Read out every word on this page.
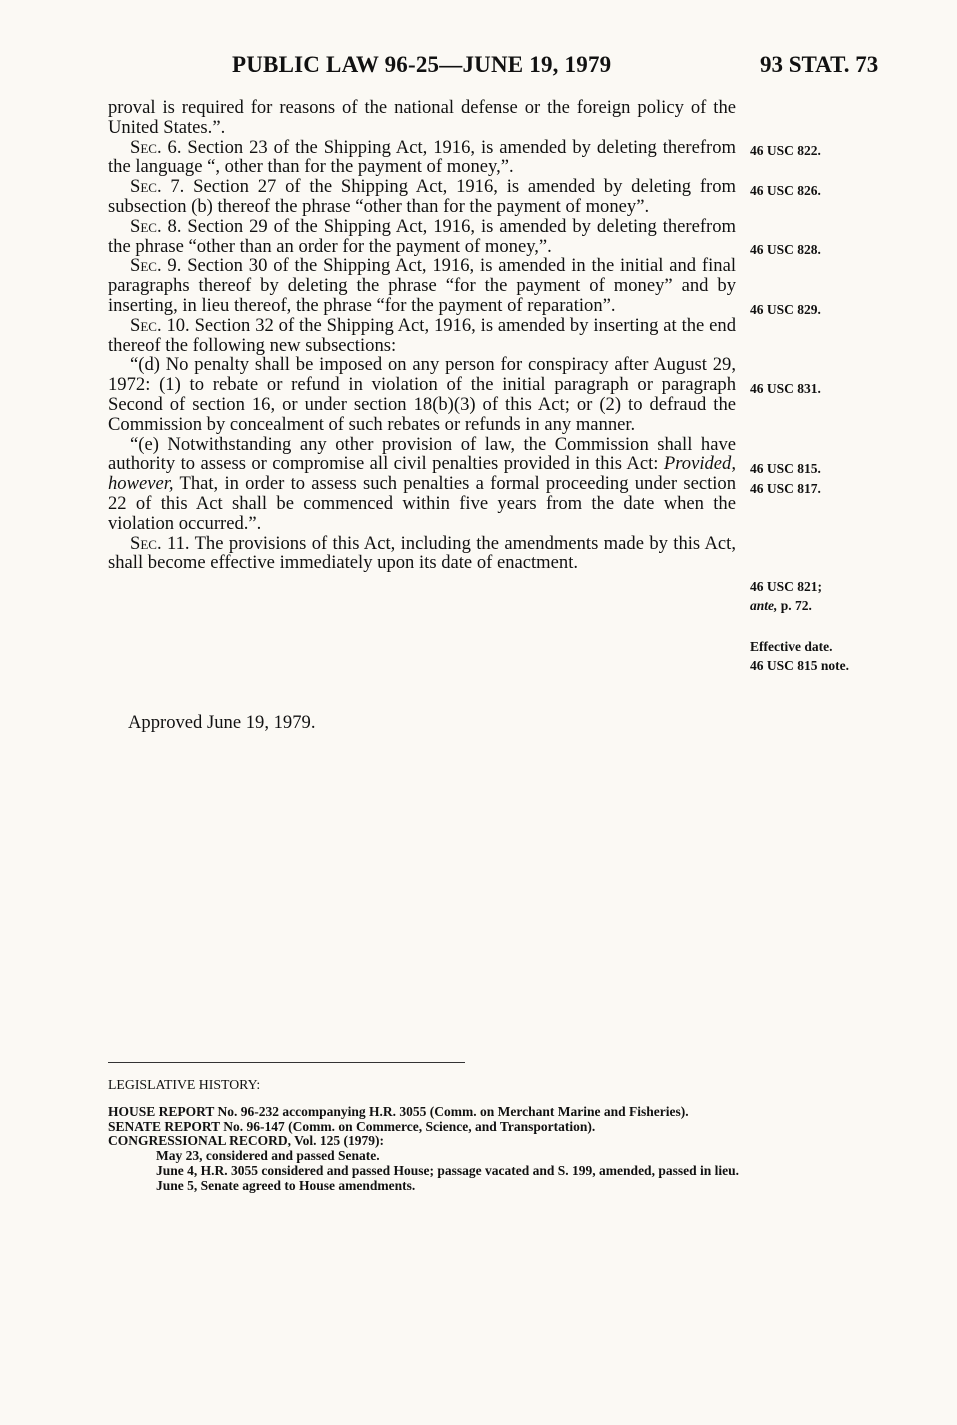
PUBLIC LAW 96-25—JUNE 19, 1979	93 STAT. 73

proval is required for reasons of the national defense or the foreign policy of the United States.”.

Sec. 6. Section 23 of the Shipping Act, 1916, is amended by deleting therefrom the language “, other than for the payment of money,”.

Sec. 7. Section 27 of the Shipping Act, 1916, is amended by deleting from subsection (b) thereof the phrase “other than for the payment of money”.

Sec. 8. Section 29 of the Shipping Act, 1916, is amended by deleting therefrom the phrase “other than an order for the payment of money,”.

Sec. 9. Section 30 of the Shipping Act, 1916, is amended in the initial and final paragraphs thereof by deleting the phrase “for the payment of money” and by inserting, in lieu thereof, the phrase “for the payment of reparation”.

Sec. 10. Section 32 of the Shipping Act, 1916, is amended by inserting at the end thereof the following new subsections:

“(d) No penalty shall be imposed on any person for conspiracy after August 29, 1972: (1) to rebate or refund in violation of the initial paragraph or paragraph Second of section 16, or under section 18(b)(3) of this Act; or (2) to defraud the Commission by concealment of such rebates or refunds in any manner.

“(e) Notwithstanding any other provision of law, the Commission shall have authority to assess or compromise all civil penalties provided in this Act: Provided, however, That, in order to assess such penalties a formal proceeding under section 22 of this Act shall be commenced within five years from the date when the violation occurred.”.

Sec. 11. The provisions of this Act, including the amendments made by this Act, shall become effective immediately upon its date of enactment.

46 USC 822.
46 USC 826.
46 USC 828.
46 USC 829.
46 USC 831.
46 USC 815.
46 USC 817.
46 USC 821;
ante, p. 72.
Effective date.
46 USC 815 note.
Approved June 19, 1979.

LEGISLATIVE HISTORY:

HOUSE REPORT No. 96-232 accompanying H.R. 3055 (Comm. on Merchant Marine and Fisheries).

SENATE REPORT No. 96-147 (Comm. on Commerce, Science, and Transportation).

CONGRESSIONAL RECORD, Vol. 125 (1979):

May 23, considered and passed Senate.

June 4, H.R. 3055 considered and passed House; passage vacated and S. 199, amended, passed in lieu.

June 5, Senate agreed to House amendments.
